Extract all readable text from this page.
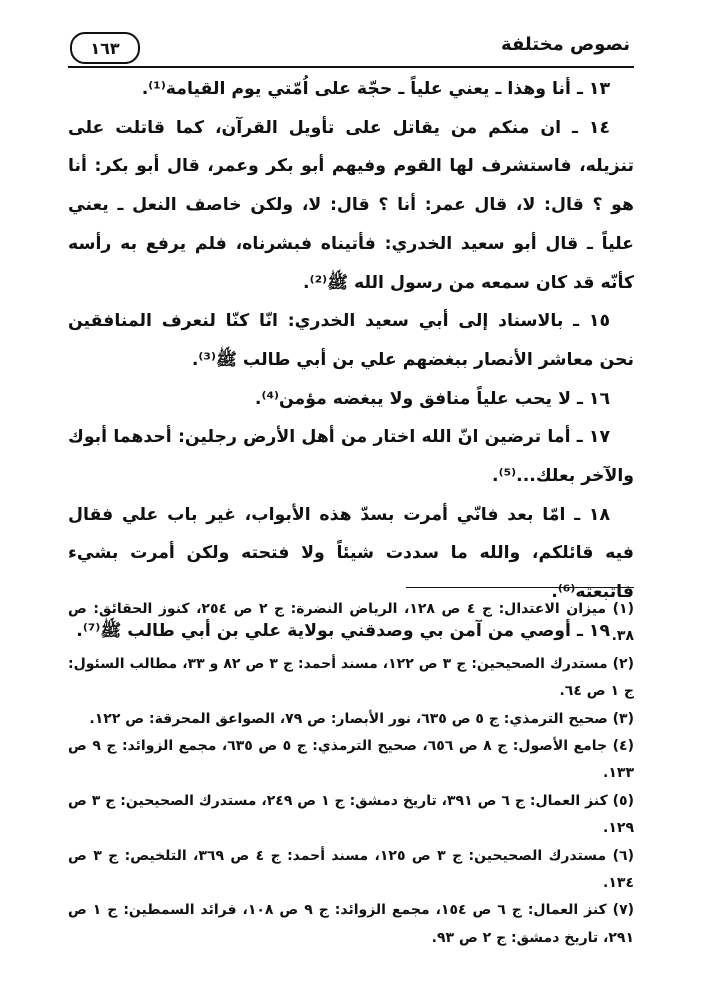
نصوص مختلفة
١٦٣

١٣ ـ أنا وهذا ـ يعني علياً ـ حجّة على اُمّتي يوم القيامة⁽¹⁾.

١٤ ـ ان منكم من يقاتل على تأويل القرآن، كما قاتلت على تنزيله، فاستشرف لها القوم وفيهم أبو بكر وعمر، قال أبو بكر: أنا هو ؟ قال: لا، قال عمر: أنا ؟ قال: لا، ولكن خاصف النعل ـ يعني علياً ـ قال أبو سعيد الخدري: فأتيناه فبشرناه، فلم يرفع به رأسه كأنّه قد كان سمعه من رسول الله ﷺ⁽²⁾.

١٥ ـ بالاسناد إلى أبي سعيد الخدري: انّا كنّا لنعرف المنافقين نحن معاشر الأنصار ببغضهم علي بن أبي طالب ﷺ⁽³⁾.

١٦ ـ لا يحب علياً منافق ولا يبغضه مؤمن⁽⁴⁾.

١٧ ـ أما ترضين انّ الله اختار من أهل الأرض رجلين: أحدهما أبوك والآخر بعلك...⁽⁵⁾.

١٨ ـ امّا بعد فانّي أمرت بسدّ هذه الأبواب، غير باب علي فقال فيه قائلكم، والله ما سددت شيئاً ولا فتحته ولكن أمرت بشيء فاتبعته⁽⁶⁾.

١٩ ـ أوصي من آمن بي وصدقني بولاية علي بن أبي طالب ﷺ⁽⁷⁾.

(١) ميزان الاعتدال: ج ٤ ص ١٢٨، الرياض النضرة: ج ٢ ص ٢٥٤، كنوز الحقائق: ص ٣٨.

(٢) مستدرك الصحيحين: ج ٣ ص ١٢٢، مسند أحمد: ج ٣ ص ٨٢ و ٣٣، مطالب السئول: ج ١ ص ٦٤.

(٣) صحيح الترمذي: ج ٥ ص ٦٣٥، نور الأبصار: ص ٧٩، الصواعق المحرقة: ص ١٢٢.

(٤) جامع الأصول: ج ٨ ص ٦٥٦، صحيح الترمذي: ج ٥ ص ٦٣٥، مجمع الزوائد: ج ٩ ص ١٣٣.

(٥) كنز العمال: ج ٦ ص ٣٩١، تاريخ دمشق: ج ١ ص ٢٤٩، مستدرك الصحيحين: ج ٣ ص ١٢٩.

(٦) مستدرك الصحيحين: ج ٣ ص ١٢٥، مسند أحمد: ج ٤ ص ٣٦٩، التلخيص: ج ٣ ص ١٣٤.

(٧) كنز العمال: ج ٦ ص ١٥٤، مجمع الزوائد: ج ٩ ص ١٠٨، فرائد السمطين: ج ١ ص ٢٩١، تاريخ دمشق: ج ٢ ص ٩٣.
